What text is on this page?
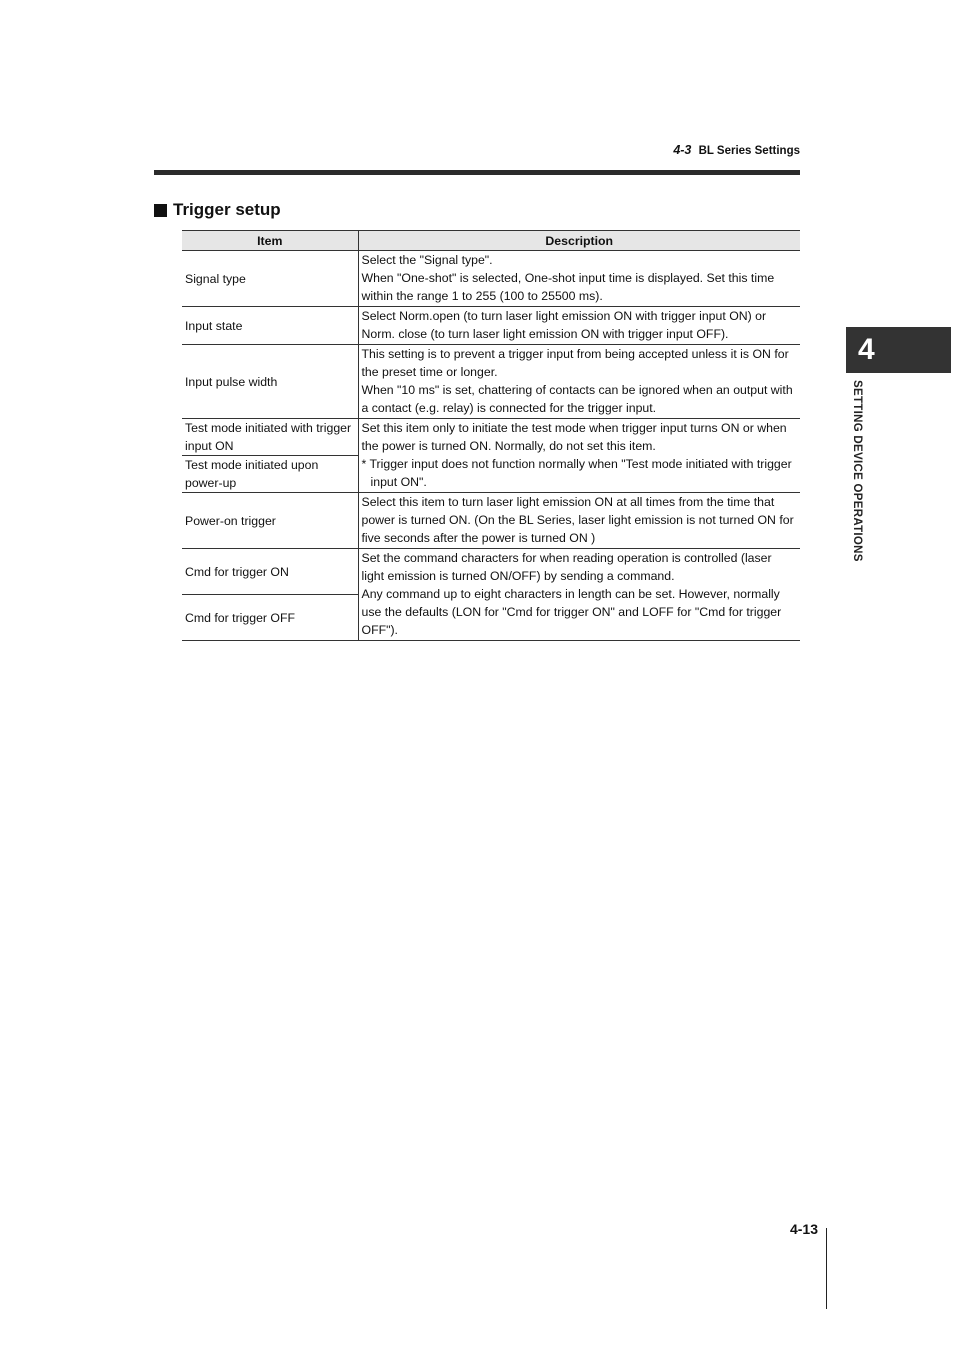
4-3 BL Series Settings
Trigger setup
Item	Description
Signal type	Select the "Signal type".
When "One-shot" is selected, One-shot input time is displayed. Set this time within the range 1 to 255 (100 to 25500 ms).

Input state	Select Norm.open (to turn laser light emission ON with trigger input ON) or Norm. close (to turn laser light emission ON with trigger input OFF).

Input pulse width	This setting is to prevent a trigger input from being accepted unless it is ON for the preset time or longer.
When "10 ms" is set, chattering of contacts can be ignored when an output with a contact (e.g. relay) is connected for the trigger input.

Test mode initiated with trigger input ON	Set this item only to initiate the test mode when trigger input turns ON or when the power is turned ON. Normally, do not set this item.
* Trigger input does not function normally when "Test mode initiated with trigger input ON".

Test mode initiated upon power-up	
Power-on trigger	Select this item to turn laser light emission ON at all times from the time that power is turned ON. (On the BL Series, laser light emission is not turned ON for five seconds after the power is turned ON )

Cmd for trigger ON	Set the command characters for when reading operation is controlled (laser light emission is turned ON/OFF) by sending a command.
Any command up to eight characters in length can be set. However, normally use the defaults (LON for "Cmd for trigger ON" and LOFF for "Cmd for trigger OFF").

Cmd for trigger OFF	
4
SETTING DEVICE OPERATIONS
4-13
